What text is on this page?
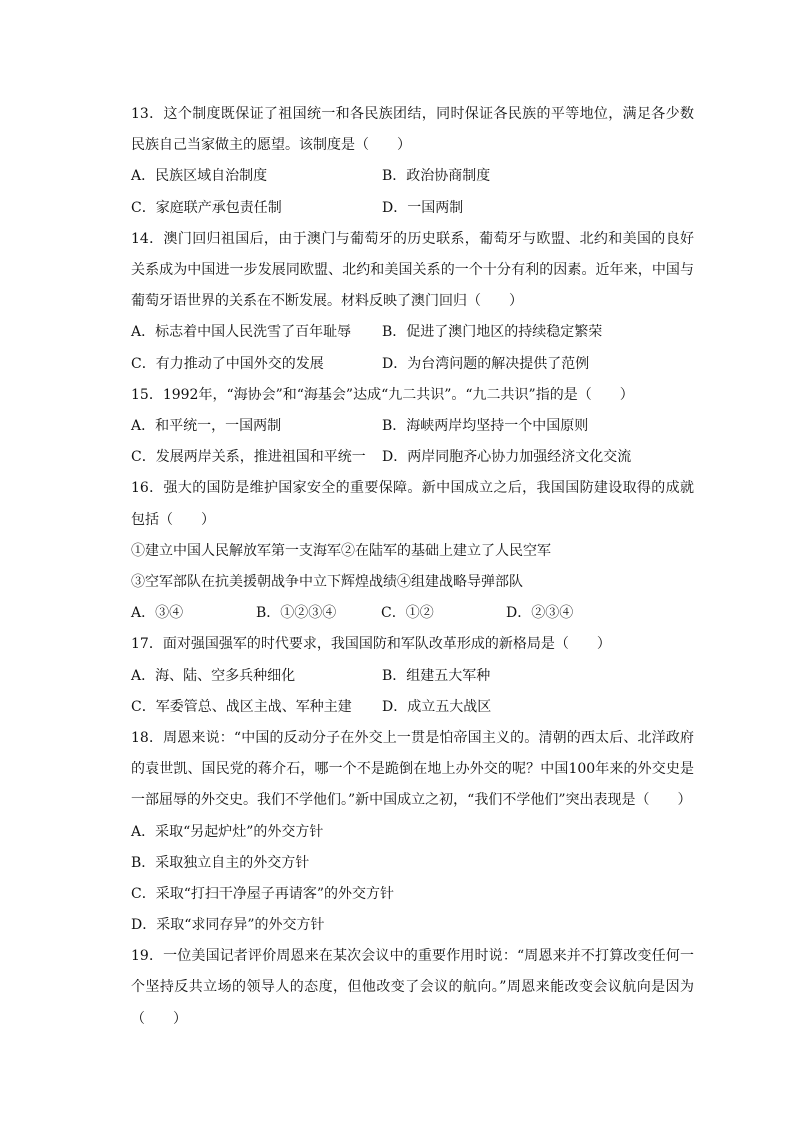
13．这个制度既保证了祖国统一和各民族团结，同时保证各民族的平等地位，满足各少数民族自己当家做主的愿望。该制度是（　　）
A．民族区域自治制度	B．政治协商制度
C．家庭联产承包责任制	D．一国两制
14．澳门回归祖国后，由于澳门与葡萄牙的历史联系，葡萄牙与欧盟、北约和美国的良好关系成为中国进一步发展同欧盟、北约和美国关系的一个十分有利的因素。近年来，中国与葡萄牙语世界的关系在不断发展。材料反映了澳门回归（　　）
A．标志着中国人民洗雪了百年耻辱	B．促进了澳门地区的持续稳定繁荣
C．有力推动了中国外交的发展	D．为台湾问题的解决提供了范例
15．1992年，“海协会”和“海基会”达成“九二共识”。“九二共识”指的是（　　）
A．和平统一，一国两制	B．海峡两岸均坚持一个中国原则
C．发展两岸关系，推进祖国和平统一	D．两岸同胞齐心协力加强经济文化交流
16．强大的国防是维护国家安全的重要保障。新中国成立之后，我国国防建设取得的成就包括（　　）
①建立中国人民解放军第一支海军②在陆军的基础上建立了人民空军
③空军部队在抗美援朝战争中立下辉煌战绩④组建战略导弹部队
A．③④	B．①②③④	C．①②	D．②③④
17．面对强国强军的时代要求，我国国防和军队改革形成的新格局是（　　）
A．海、陆、空多兵种细化	B．组建五大军种
C．军委管总、战区主战、军种主建	D．成立五大战区
18．周恩来说：“中国的反动分子在外交上一贯是怕帝国主义的。清朝的西太后、北洋政府的袁世凯、国民党的蒋介石，哪一个不是跪倒在地上办外交的呢？中国100年来的外交史是一部屈辱的外交史。我们不学他们。”新中国成立之初，“我们不学他们”突出表现是（　　）
A．采取“另起炉灶”的外交方针
B．采取独立自主的外交方针
C．采取“打扫干净屋子再请客”的外交方针
D．采取“求同存异”的外交方针
19．一位美国记者评价周恩来在某次会议中的重要作用时说：“周恩来并不打算改变任何一个坚持反共立场的领导人的态度，但他改变了会议的航向。”周恩来能改变会议航向是因为（　　）
